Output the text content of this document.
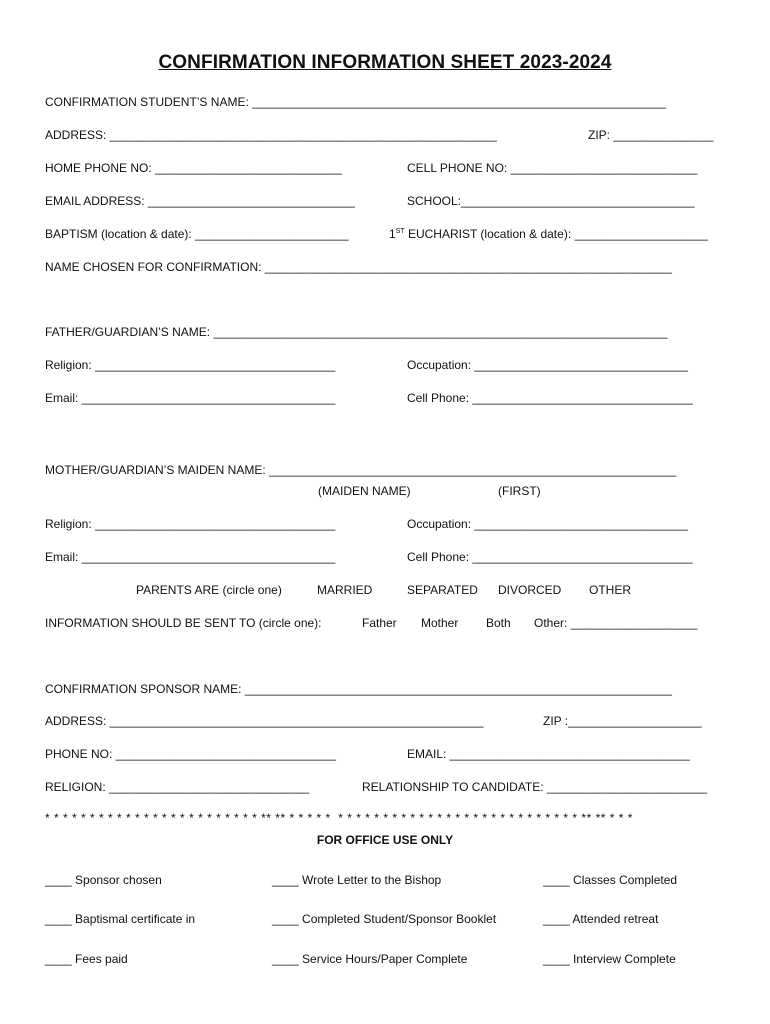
CONFIRMATION INFORMATION SHEET 2023-2024
CONFIRMATION STUDENT’S NAME: ______________________________________________________________
ADDRESS: __________________________________________________________	ZIP: _______________
HOME PHONE NO: ____________________________	CELL PHONE NO: ____________________________
EMAIL ADDRESS: _______________________________	SCHOOL:___________________________________
BAPTISM (location & date): _______________________	1ST EUCHARIST (location & date): ____________________
NAME CHOSEN FOR CONFIRMATION: _____________________________________________________________
FATHER/GUARDIAN’S NAME: ____________________________________________________________________
Religion: ____________________________________	Occupation: ________________________________
Email: ______________________________________	Cell Phone: _________________________________
MOTHER/GUARDIAN’S MAIDEN NAME: _____________________________________________________________
(MAIDEN NAME)	(FIRST)
Religion: ____________________________________	Occupation: ________________________________
Email: ______________________________________	Cell Phone: _________________________________
PARENTS ARE (circle one)	MARRIED	SEPARATED DIVORCED OTHER
INFORMATION SHOULD BE SENT TO (circle one):	Father Mother Both Other: ___________________
CONFIRMATION SPONSOR NAME: ________________________________________________________________
ADDRESS: ________________________________________________________	ZIP :____________________
PHONE NO: _________________________________	EMAIL: ____________________________________
RELIGION: ______________________________	RELATIONSHIP TO CANDIDATE: ________________________
* * * * * * * * * * * * * * * * * * * * * * * * ** ** * * * * *  * * * * * * * * * * * * * * * * * * * * * * * * * * * ** ** * * *
FOR OFFICE USE ONLY
____ Sponsor chosen	____ Wrote Letter to the Bishop	____ Classes Completed
____ Baptismal certificate in	____ Completed Student/Sponsor Booklet	____ Attended retreat
____ Fees paid	____ Service Hours/Paper Complete	____ Interview Complete
